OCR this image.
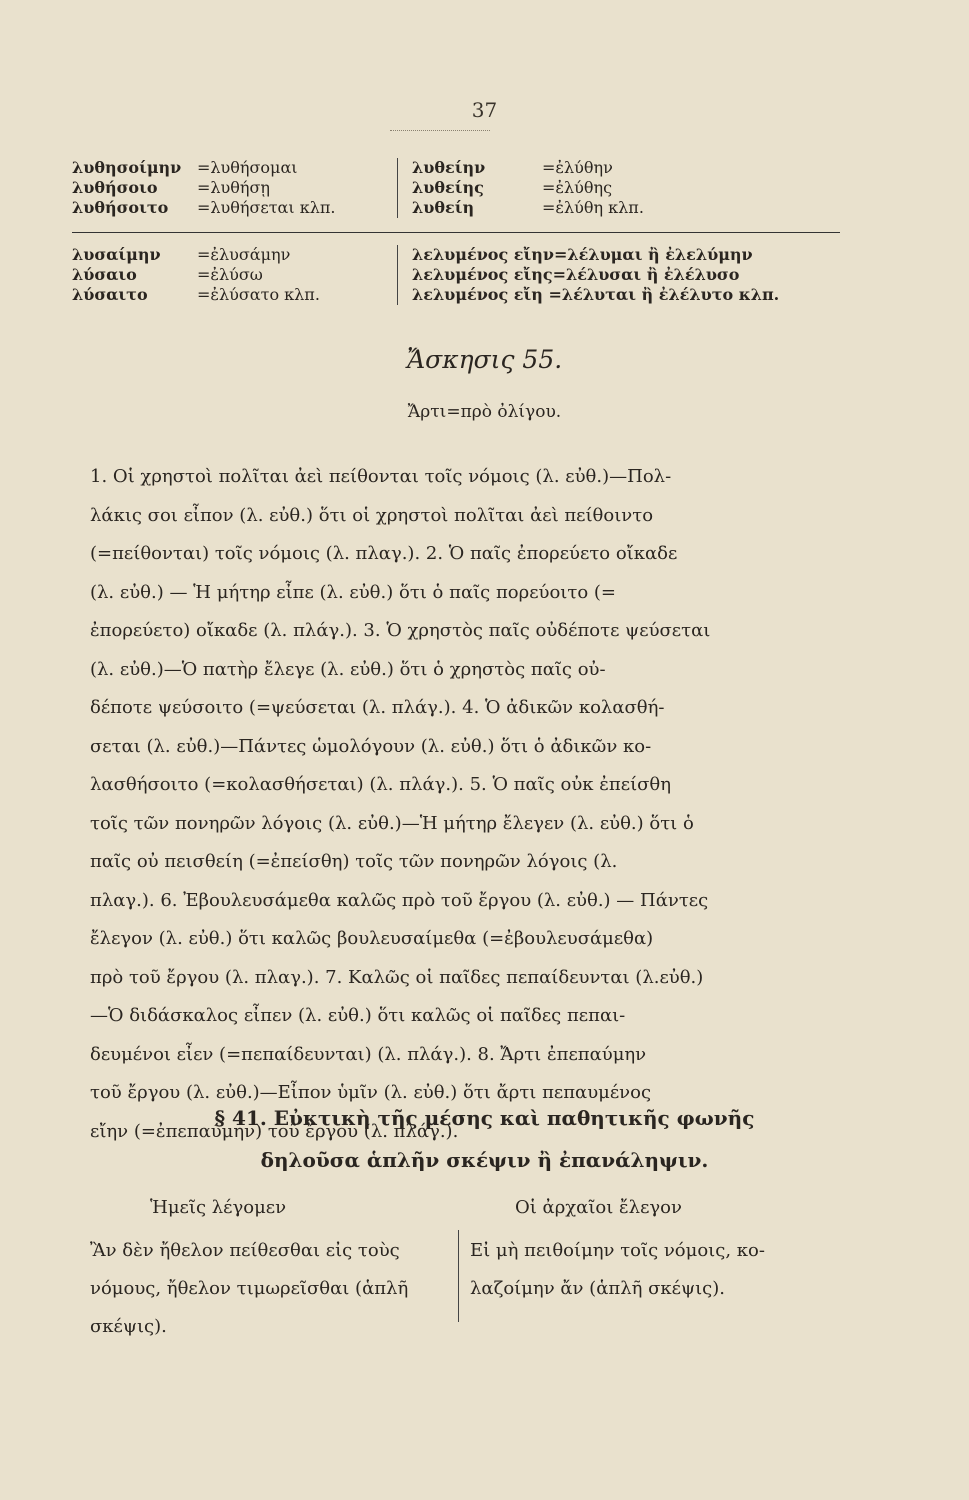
37
λυθησοίμην =λυθήσομαι	λυθείην	=ἐλύθην
λυθήσοιο	=λυθήσῃ	λυθείης	=ἐλύθης
λυθήσοιτο	=λυθήσεται κλπ.	λυθείη	=ἐλύθη κλπ.
λυσαίμην	=ἐλυσάμην	λελυμένος εἴην=λέλυμαι ἢ ἐλελύμην
λύσαιο	=ἐλύσω	λελυμένος εἴης=λέλυσαι ἢ ἐλέλυσο
λύσαιτο	=ἐλύσατο κλπ.	λελυμένος εἴη =λέλυται ἢ ἐλέλυτο κλπ.
Ἄσκησις 55.
Ἄρτι=πρὸ ὀλίγου.
1. Οἱ χρηστοὶ πολῖται ἀεὶ πείθονται τοῖς νόμοις (λ. εὐθ.)—Πολ-
λάκις σοι εἶπον (λ. εὐθ.) ὅτι οἱ χρηστοὶ πολῖται ἀεὶ πείθοιντο
(=πείθονται) τοῖς νόμοις (λ. πλαγ.). 2. Ὁ παῖς ἐπορεύετο οἴκαδε
(λ. εὐθ.) — Ἡ μήτηρ εἶπε (λ. εὐθ.) ὅτι ὁ παῖς πορεύοιτο (=
ἐπορεύετο) οἴκαδε (λ. πλάγ.). 3. Ὁ χρηστὸς παῖς οὐδέποτε ψεύσεται
(λ. εὐθ.)—Ὁ πατὴρ ἔλεγε (λ. εὐθ.) ὅτι ὁ χρηστὸς παῖς οὐ-
δέποτε ψεύσοιτο (=ψεύσεται (λ. πλάγ.). 4. Ὁ ἀδικῶν κολασθή-
σεται (λ. εὐθ.)—Πάντες ὡμολόγουν (λ. εὐθ.) ὅτι ὁ ἀδικῶν κο-
λασθήσοιτο (=κολασθήσεται) (λ. πλάγ.). 5. Ὁ παῖς οὐκ ἐπείσθη
τοῖς τῶν πονηρῶν λόγοις (λ. εὐθ.)—Ἡ μήτηρ ἔλεγεν (λ. εὐθ.) ὅτι ὁ
παῖς οὐ πεισθείη (=ἐπείσθη) τοῖς τῶν πονηρῶν λόγοις (λ.
πλαγ.). 6. Ἐβουλευσάμεθα καλῶς πρὸ τοῦ ἔργου (λ. εὐθ.) — Πάντες
ἔλεγον (λ. εὐθ.) ὅτι καλῶς βουλευσαίμεθα (=ἐβουλευσάμεθα)
πρὸ τοῦ ἔργου (λ. πλαγ.). 7. Καλῶς οἱ παῖδες πεπαίδευνται (λ.εὐθ.)
—Ὁ διδάσκαλος εἶπεν (λ. εὐθ.) ὅτι καλῶς οἱ παῖδες πεπαι-
δευμένοι εἶεν (=πεπαίδευνται) (λ. πλάγ.). 8. Ἄρτι ἐπεπαύμην
τοῦ ἔργου (λ. εὐθ.)—Εἶπον ὑμῖν (λ. εὐθ.) ὅτι ἄρτι πεπαυμένος
εἴην (=ἐπεπαύμην) τοῦ ἔργου (λ. πλάγ.).
§ 41. Εὐκτικὴ τῆς μέσης καὶ παθητικῆς φωνῆς
δηλοῦσα ἁπλῆν σκέψιν ἢ ἐπανάληψιν.
Ἡμεῖς λέγομεν	Οἱ ἀρχαῖοι ἔλεγον
Ἂν δὲν ἤθελον πείθεσθαι εἰς τοὺς
νόμους, ἤθελον τιμωρεῖσθαι (ἁπλῆ
σκέψις).
Εἰ μὴ πειθοίμην τοῖς νόμοις, κο-
λαζοίμην ἄν (ἁπλῆ σκέψις).
